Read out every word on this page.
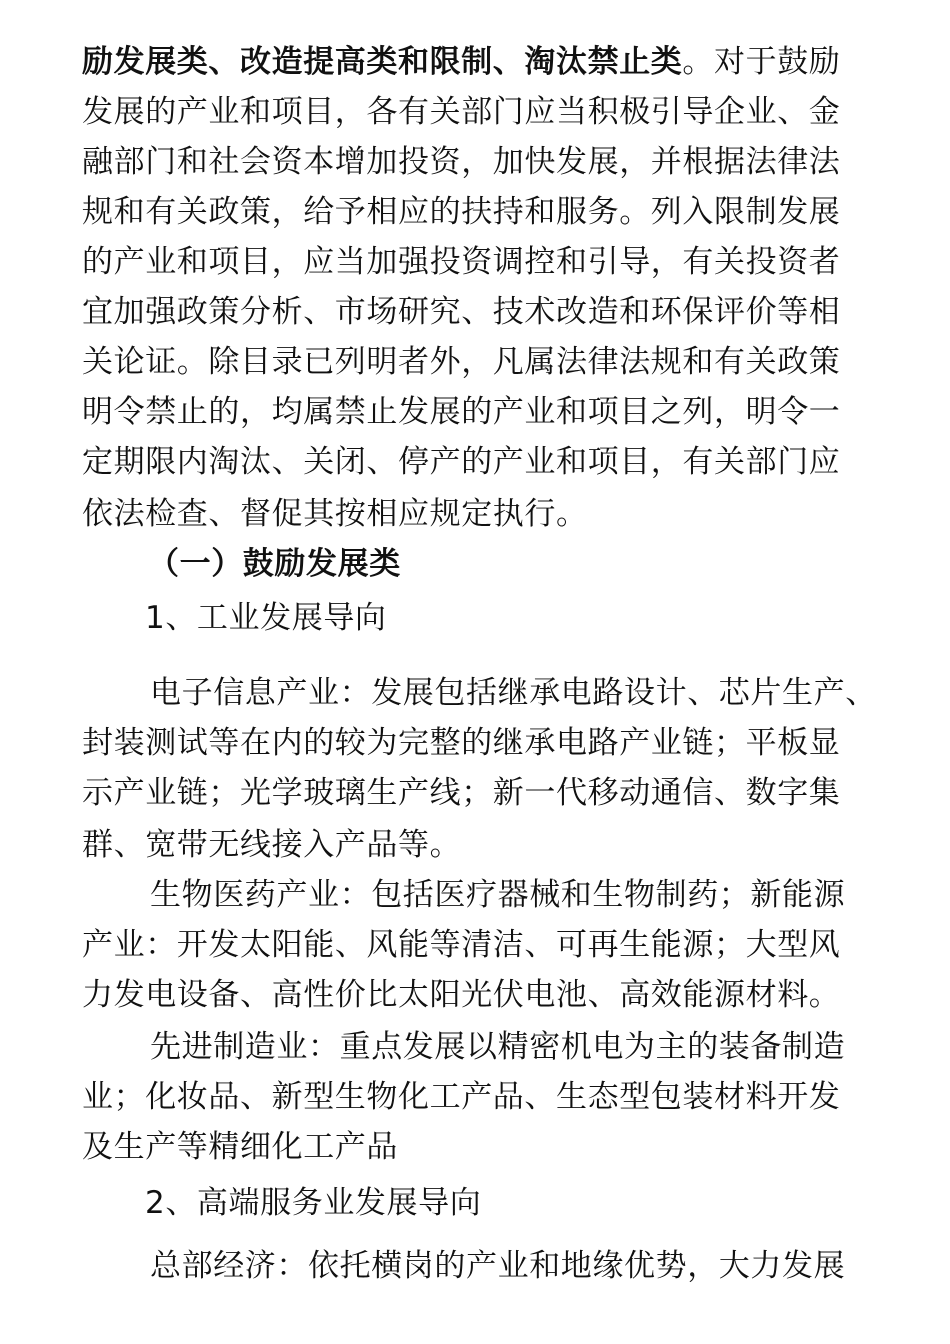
励发展类、改造提高类和限制、淘汰禁止类。对于鼓励
发展的产业和项目，各有关部门应当积极引导企业、金
融部门和社会资本增加投资，加快发展，并根据法律法
规和有关政策，给予相应的扶持和服务。列入限制发展
的产业和项目，应当加强投资调控和引导，有关投资者
宜加强政策分析、市场研究、技术改造和环保评价等相
关论证。除目录已列明者外，凡属法律法规和有关政策
明令禁止的，均属禁止发展的产业和项目之列，明令一
定期限内淘汰、关闭、停产的产业和项目，有关部门应
依法检查、督促其按相应规定执行。
（一）鼓励发展类
1、工业发展导向
电子信息产业：发展包括继承电路设计、芯片生产、
封装测试等在内的较为完整的继承电路产业链；平板显
示产业链；光学玻璃生产线；新一代移动通信、数字集
群、宽带无线接入产品等。
生物医药产业：包括医疗器械和生物制药；新能源
产业：开发太阳能、风能等清洁、可再生能源；大型风
力发电设备、高性价比太阳光伏电池、高效能源材料。
先进制造业：重点发展以精密机电为主的装备制造
业；化妆品、新型生物化工产品、生态型包装材料开发
及生产等精细化工产品
2、高端服务业发展导向
总部经济：依托横岗的产业和地缘优势，大力发展
